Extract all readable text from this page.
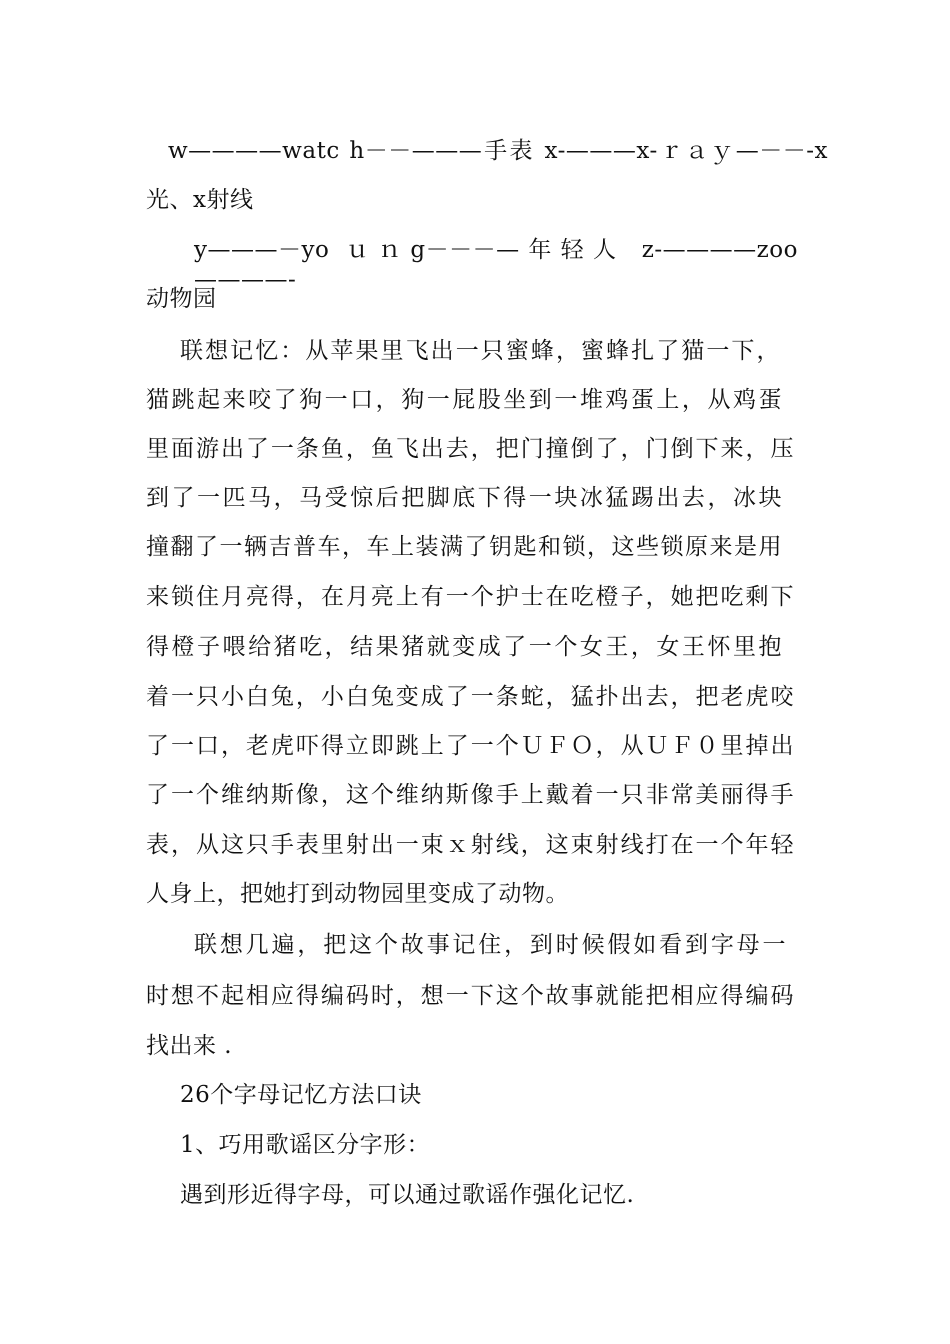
w————watc h－－———手表 x-———x-ｒａｙ—－－-x
光、x射线
y———－yo ｕｎg－－－—年轻人 z-————zoo ————-
动物园
联想记忆：从苹果里飞出一只蜜蜂，蜜蜂扎了猫一下，
猫跳起来咬了狗一口，狗一屁股坐到一堆鸡蛋上，从鸡蛋
里面游出了一条鱼，鱼飞出去，把门撞倒了，门倒下来，压
到了一匹马，马受惊后把脚底下得一块冰猛踢出去，冰块
撞翻了一辆吉普车，车上装满了钥匙和锁，这些锁原来是用
来锁住月亮得，在月亮上有一个护士在吃橙子，她把吃剩下
得橙子喂给猪吃，结果猪就变成了一个女王，女王怀里抱
着一只小白兔，小白兔变成了一条蛇，猛扑出去，把老虎咬
了一口，老虎吓得立即跳上了一个ＵＦＯ，从ＵＦ０里掉出
了一个维纳斯像，这个维纳斯像手上戴着一只非常美丽得手
表，从这只手表里射出一束ｘ射线，这束射线打在一个年轻
人身上，把她打到动物园里变成了动物。
联想几遍，把这个故事记住，到时候假如看到字母一
时想不起相应得编码时，想一下这个故事就能把相应得编码
找出来 .
26个字母记忆方法口诀
1、巧用歌谣区分字形：
遇到形近得字母，可以通过歌谣作强化记忆.
